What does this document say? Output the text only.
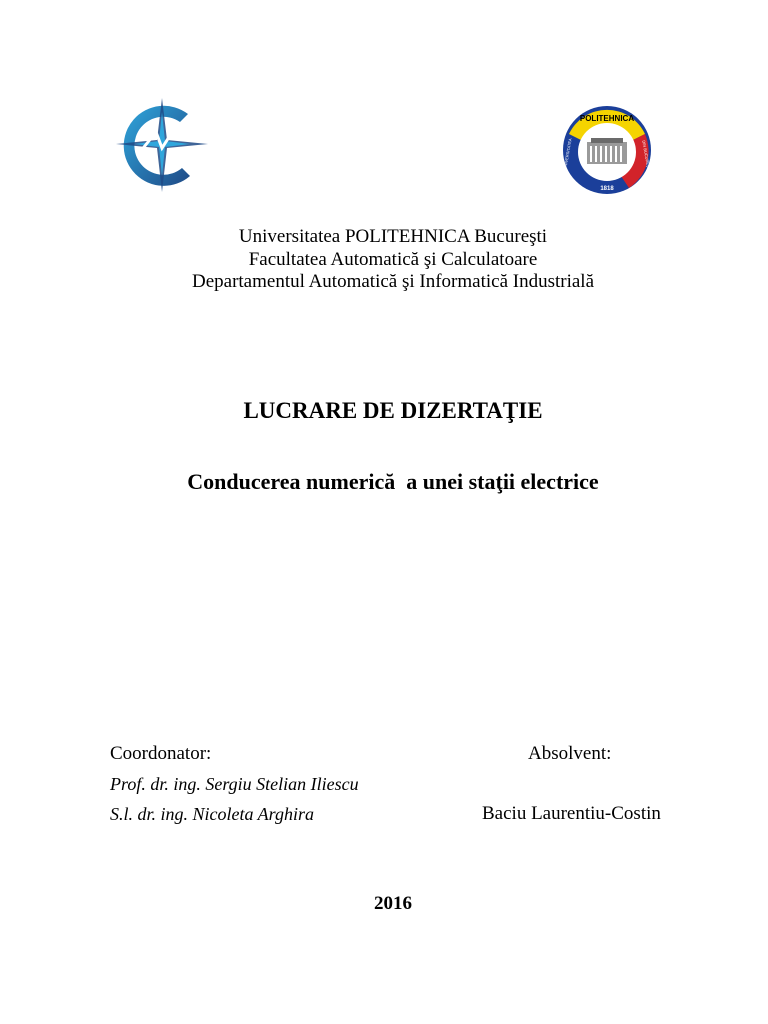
POLITEHNICA
UNIVERSITATEA	DIN BUCUREŞTI
1818
Universitatea POLITEHNICA Bucureşti
Facultatea Automatică şi Calculatoare
Departamentul Automatică şi Informatică Industrială
LUCRARE DE DIZERTAŢIE
Conducerea numerică  a unei staţii electrice
Coordonator:	Absolvent:
Prof. dr. ing. Sergiu Stelian Iliescu
S.l. dr. ing. Nicoleta Arghira	Baciu Laurentiu-Costin
2016
